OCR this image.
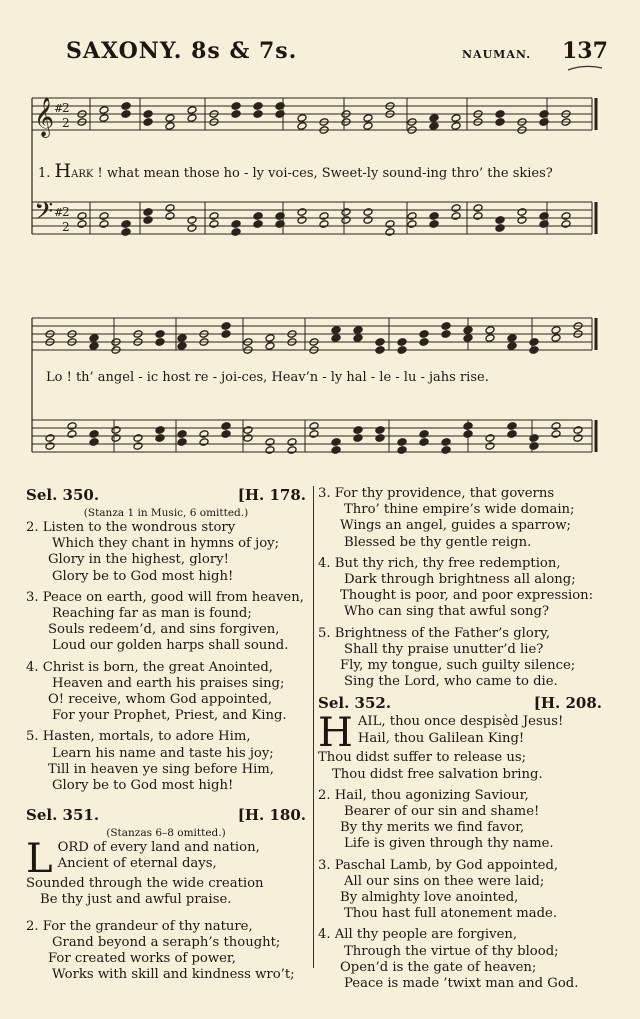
SAXONY. 8s & 7s.	NAUMAN. 137
𝄞
𝄢
#
2
2
#
2
2
1. HARK ! what mean those ho - ly voi-ces, Sweet-ly sound-ing thro’ the skies?
Lo ! th’ angel - ic host re - joi-ces, Heav’n - ly hal - le - lu - jahs rise.
Sel. 350.	[H. 178.
(Stanza 1 in Music, 6 omitted.)
2. Listen to the wondrous story
Which they chant in hymns of joy;
Glory in the highest, glory!
Glory be to God most high!
3. Peace on earth, good will from heaven,
Reaching far as man is found;
Souls redeem’d, and sins forgiven,
Loud our golden harps shall sound.
4. Christ is born, the great Anointed,
Heaven and earth his praises sing;
O! receive, whom God appointed,
For your Prophet, Priest, and King.
5. Hasten, mortals, to adore Him,
Learn his name and taste his joy;
Till in heaven ye sing before Him,
Glory be to God most high!
Sel. 351.	[H. 180.
(Stanzas 6–8 omitted.)
L ORD of every land and nation,
Ancient of eternal days,
Sounded through the wide creation
Be thy just and awful praise.
2. For the grandeur of thy nature,
Grand beyond a seraph’s thought;
For created works of power,
Works with skill and kindness wro’t;
3. For thy providence, that governs
Thro’ thine empire’s wide domain;
Wings an angel, guides a sparrow;
Blessed be thy gentle reign.
4. But thy rich, thy free redemption,
Dark through brightness all along;
Thought is poor, and poor expression:
Who can sing that awful song?
5. Brightness of the Father’s glory,
Shall thy praise unutter’d lie?
Fly, my tongue, such guilty silence;
Sing the Lord, who came to die.
Sel. 352.	[H. 208.
H AIL, thou once despisèd Jesus!
Hail, thou Galilean King!
Thou didst suffer to release us;
Thou didst free salvation bring.
2. Hail, thou agonizing Saviour,
Bearer of our sin and shame!
By thy merits we find favor,
Life is given through thy name.
3. Paschal Lamb, by God appointed,
All our sins on thee were laid;
By almighty love anointed,
Thou hast full atonement made.
4. All thy people are forgiven,
Through the virtue of thy blood;
Open’d is the gate of heaven;
Peace is made ’twixt man and God.
